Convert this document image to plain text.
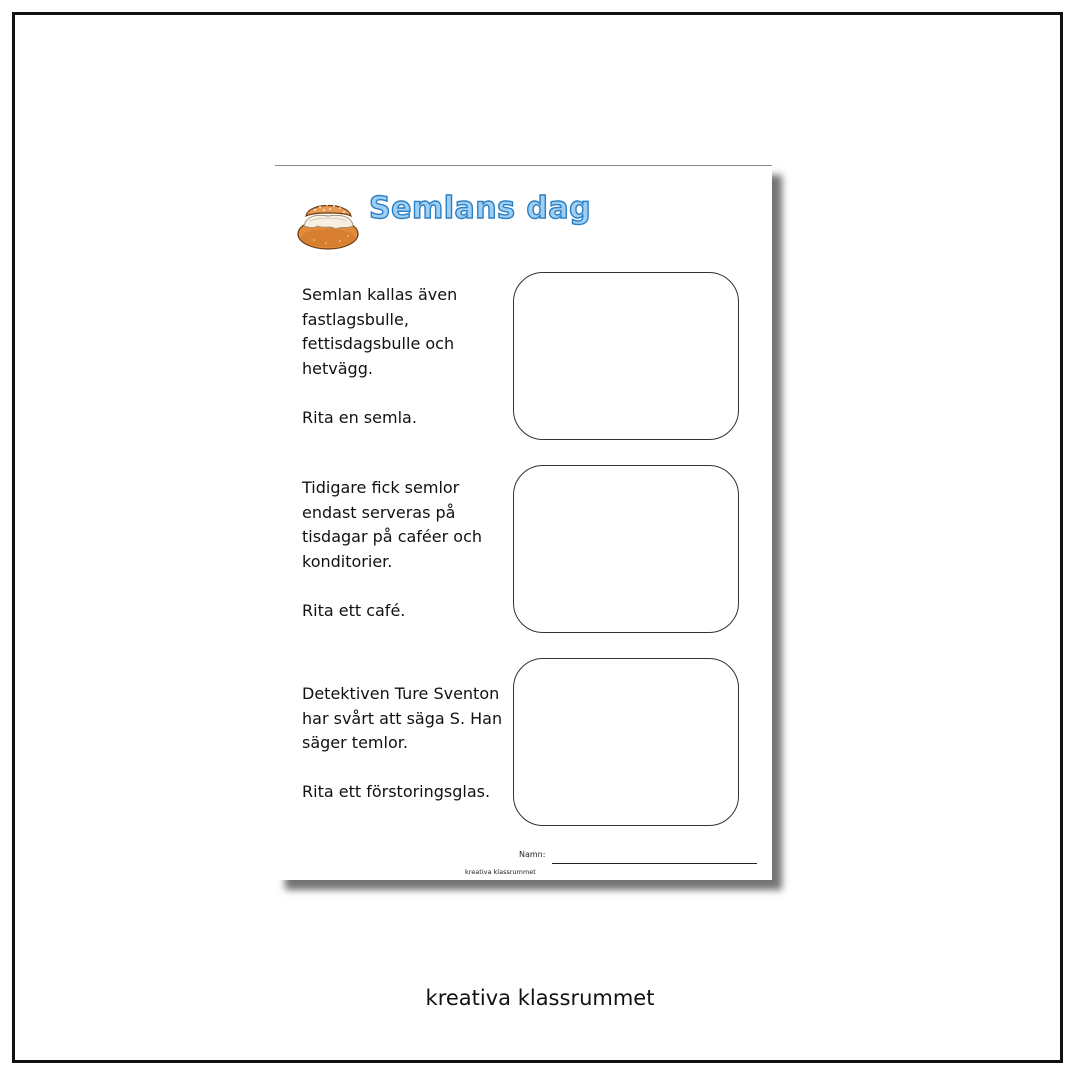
Semlans dag

Semlan kallas även

fastlagsbulle,

fettisdagsbulle och

hetvägg.

Rita en semla.

Tidigare fick semlor

endast serveras på

tisdagar på caféer och

konditorier.

Rita ett café.

Detektiven Ture Sventon

har svårt att säga S. Han

säger temlor.

Rita ett förstoringsglas.

Namn:
kreativa klassrummet
kreativa klassrummet
